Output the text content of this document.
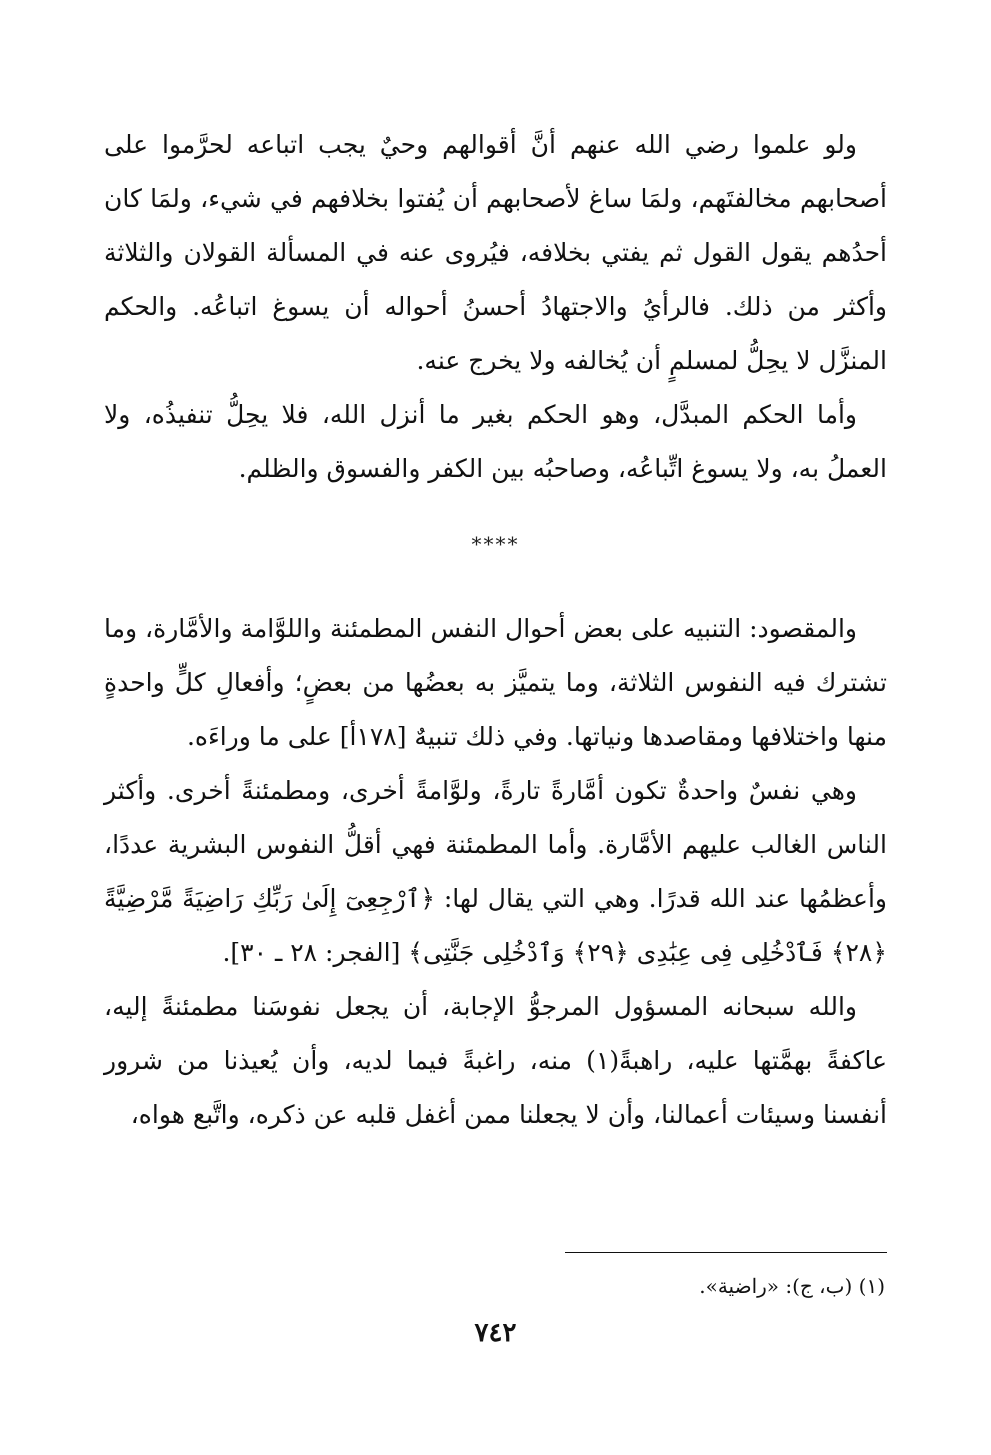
ولو علموا رضي الله عنهم أنَّ أقوالهم وحيٌ يجب اتباعه لحرَّموا على أصحابهم مخالفتَهم، ولمَا ساغ لأصحابهم أن يُفتوا بخلافهم في شيء، ولمَا كان أحدُهم يقول القول ثم يفتي بخلافه، فيُروى عنه في المسألة القولان والثلاثة وأكثر من ذلك. فالرأيُ والاجتهادُ أحسنُ أحواله أن يسوغ اتباعُه. والحكم المنزَّل لا يحِلُّ لمسلمٍ أن يُخالفه ولا يخرج عنه.

وأما الحكم المبدَّل، وهو الحكم بغير ما أنزل الله، فلا يحِلُّ تنفيذُه، ولا العملُ به، ولا يسوغ اتِّباعُه، وصاحبُه بين الكفر والفسوق والظلم.

****

والمقصود: التنبيه على بعض أحوال النفس المطمئنة واللوَّامة والأمَّارة، وما تشترك فيه النفوس الثلاثة، وما يتميَّز به بعضُها من بعضٍ؛ وأفعالِ كلٍّ واحدةٍ منها واختلافها ومقاصدها ونياتها. وفي ذلك تنبيهٌ [١٧٨أ] على ما وراءَه.

وهي نفسٌ واحدةٌ تكون أمَّارةً تارةً، ولوَّامةً أخرى، ومطمئنةً أخرى. وأكثر الناس الغالب عليهم الأمَّارة. وأما المطمئنة فهي أقلُّ النفوس البشرية عددًا، وأعظمُها عند الله قدرًا. وهي التي يقال لها: ﴿ٱرْجِعِىٓ إِلَىٰ رَبِّكِ رَاضِيَةً مَّرْضِيَّةً ﴿٢٨﴾ فَٱدْخُلِى فِى عِبَٰدِى ﴿٢٩﴾ وَٱدْخُلِى جَنَّتِى﴾ [الفجر: ٢٨ ـ ٣٠].

والله سبحانه المسؤول المرجوُّ الإجابة، أن يجعل نفوسَنا مطمئنةً إليه، عاكفةً بهمَّتها عليه، راهبةً(١) منه، راغبةً فيما لديه، وأن يُعيذنا من شرور أنفسنا وسيئات أعمالنا، وأن لا يجعلنا ممن أغفل قلبه عن ذكره، واتَّبع هواه،

(١) (ب، ج): «راضية».
٧٤٢
